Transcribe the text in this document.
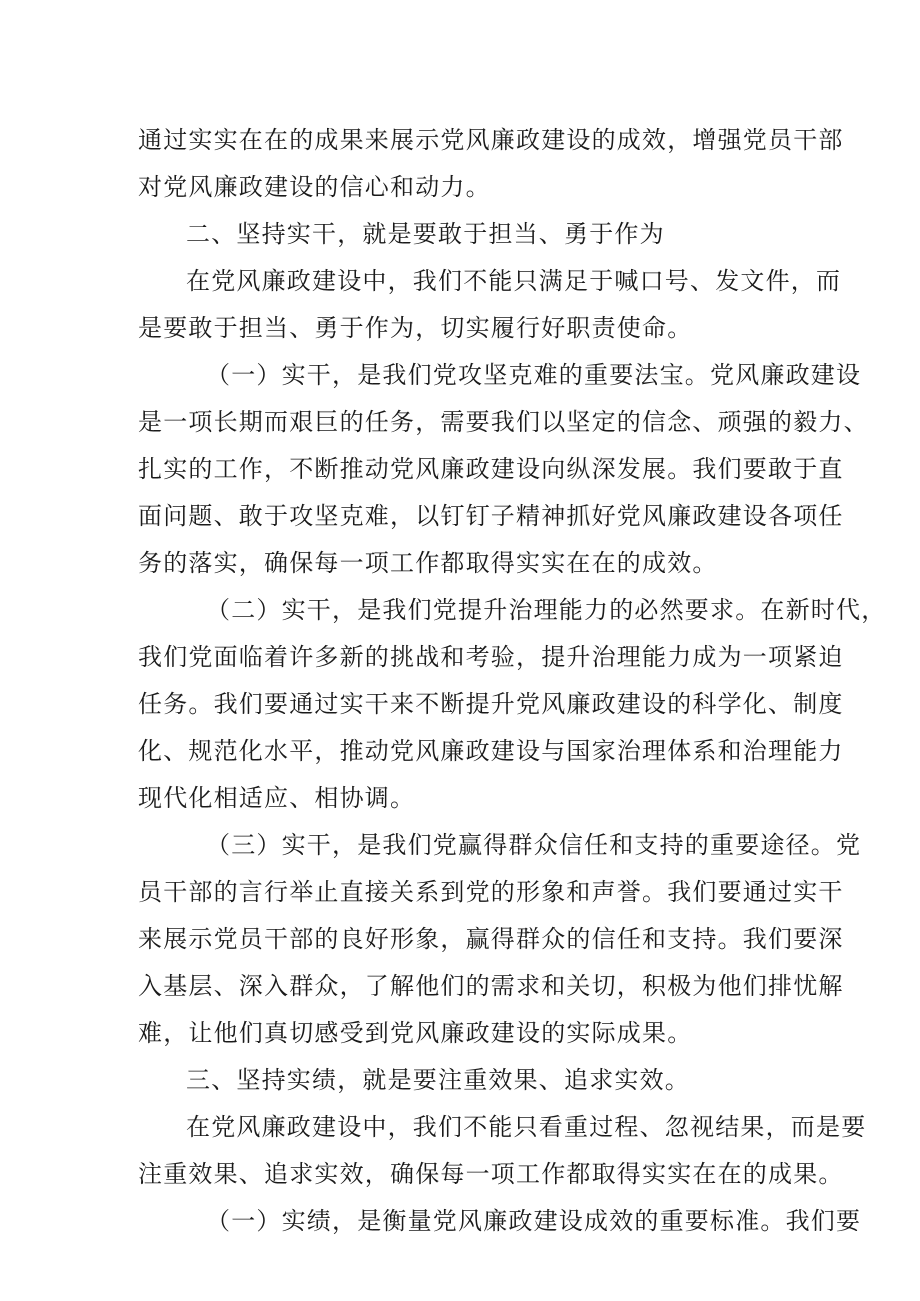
通过实实在在的成果来展示党风廉政建设的成效，增强党员干部
对党风廉政建设的信心和动力。
二、坚持实干，就是要敢于担当、勇于作为
在党风廉政建设中，我们不能只满足于喊口号、发文件，而
是要敢于担当、勇于作为，切实履行好职责使命。
（一）实干，是我们党攻坚克难的重要法宝。党风廉政建设
是一项长期而艰巨的任务，需要我们以坚定的信念、顽强的毅力、
扎实的工作，不断推动党风廉政建设向纵深发展。我们要敢于直
面问题、敢于攻坚克难，以钉钉子精神抓好党风廉政建设各项任
务的落实，确保每一项工作都取得实实在在的成效。
（二）实干，是我们党提升治理能力的必然要求。在新时代，
我们党面临着许多新的挑战和考验，提升治理能力成为一项紧迫
任务。我们要通过实干来不断提升党风廉政建设的科学化、制度
化、规范化水平，推动党风廉政建设与国家治理体系和治理能力
现代化相适应、相协调。
（三）实干，是我们党赢得群众信任和支持的重要途径。党
员干部的言行举止直接关系到党的形象和声誉。我们要通过实干
来展示党员干部的良好形象，赢得群众的信任和支持。我们要深
入基层、深入群众，了解他们的需求和关切，积极为他们排忧解
难，让他们真切感受到党风廉政建设的实际成果。
三、坚持实绩，就是要注重效果、追求实效。
在党风廉政建设中，我们不能只看重过程、忽视结果，而是要
注重效果、追求实效，确保每一项工作都取得实实在在的成果。
（一）实绩，是衡量党风廉政建设成效的重要标准。我们要
